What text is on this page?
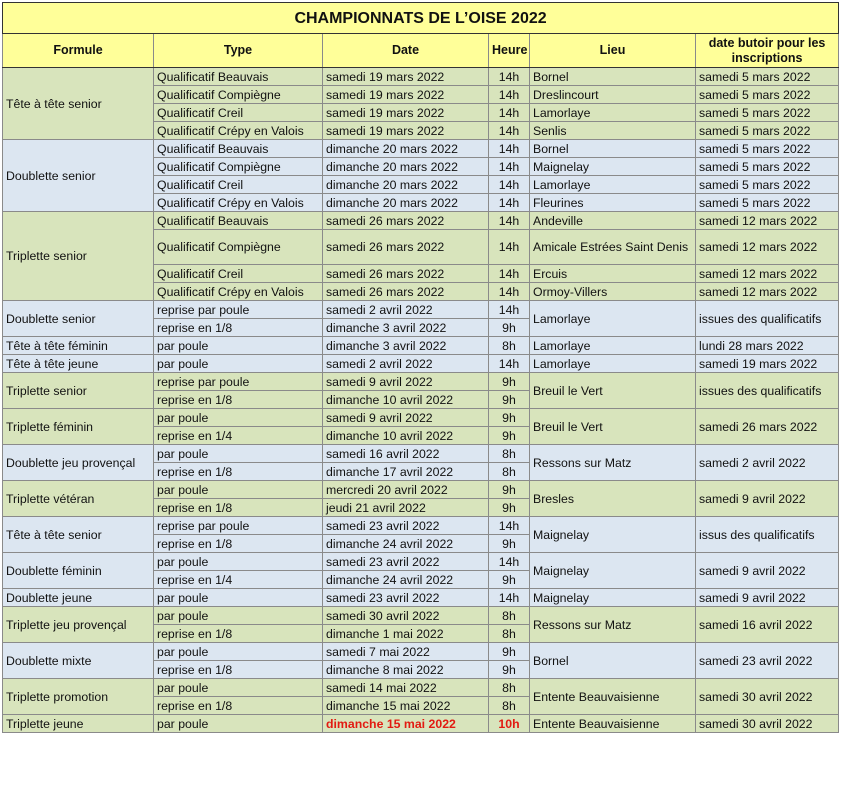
CHAMPIONNATS DE L’OISE 2022					
Formule	Type	Date	Heure	Lieu	date butoir pour les inscriptions
Tête à tête senior	Qualificatif Beauvais	samedi 19 mars 2022	14h	Bornel	samedi 5 mars 2022
	Qualificatif Compiègne	samedi 19 mars 2022	14h	Dreslincourt	samedi 5 mars 2022
	Qualificatif Creil	samedi 19 mars 2022	14h	Lamorlaye	samedi 5 mars 2022
	Qualificatif Crépy en Valois	samedi 19 mars 2022	14h	Senlis	samedi 5 mars 2022
Doublette senior	Qualificatif Beauvais	dimanche 20 mars 2022	14h	Bornel	samedi 5 mars 2022
	Qualificatif Compiègne	dimanche 20 mars 2022	14h	Maignelay	samedi 5 mars 2022
	Qualificatif Creil	dimanche 20 mars 2022	14h	Lamorlaye	samedi 5 mars 2022
	Qualificatif Crépy en Valois	dimanche 20 mars 2022	14h	Fleurines	samedi 5 mars 2022
Triplette senior	Qualificatif Beauvais	samedi 26 mars 2022	14h	Andeville	samedi 12 mars 2022
	Qualificatif Compiègne	samedi 26 mars 2022	14h	Amicale Estrées Saint Denis	samedi 12 mars 2022
	Qualificatif Creil	samedi 26 mars 2022	14h	Ercuis	samedi 12 mars 2022
	Qualificatif Crépy en Valois	samedi 26 mars 2022	14h	Ormoy-Villers	samedi 12 mars 2022
Doublette senior	reprise par poule	samedi 2 avril 2022	14h	Lamorlaye	issues des qualificatifs
	reprise en 1/8	dimanche 3 avril 2022	9h		
Tête à tête féminin	par poule	dimanche 3 avril 2022	8h	Lamorlaye	lundi 28 mars 2022
Tête à tête jeune	par poule	samedi 2 avril 2022	14h	Lamorlaye	samedi 19 mars 2022
Triplette senior	reprise par poule	samedi 9 avril 2022	9h	Breuil le Vert	issues des qualificatifs
	reprise en 1/8	dimanche 10 avril 2022	9h		
Triplette féminin	par poule	samedi 9 avril 2022	9h	Breuil le Vert	samedi 26 mars 2022
	reprise en 1/4	dimanche 10 avril 2022	9h		
Doublette jeu provençal	par poule	samedi 16 avril 2022	8h	Ressons sur Matz	samedi 2 avril 2022
	reprise en 1/8	dimanche 17 avril 2022	8h		
Triplette vétéran	par poule	mercredi 20 avril 2022	9h	Bresles	samedi 9 avril 2022
	reprise en 1/8	jeudi 21 avril 2022	9h		
Tête à tête senior	reprise par poule	samedi 23 avril 2022	14h	Maignelay	issus des qualificatifs
	reprise en 1/8	dimanche 24 avril 2022	9h		
Doublette féminin	par poule	samedi 23 avril 2022	14h	Maignelay	samedi 9 avril 2022
	reprise en 1/4	dimanche 24 avril 2022	9h		
Doublette jeune	par poule	samedi 23 avril 2022	14h	Maignelay	samedi 9 avril 2022
Triplette jeu provençal	par poule	samedi 30 avril 2022	8h	Ressons sur Matz	samedi 16 avril 2022
	reprise en 1/8	dimanche 1 mai 2022	8h		
Doublette mixte	par poule	samedi 7 mai 2022	9h	Bornel	samedi 23 avril 2022
	reprise en 1/8	dimanche 8 mai 2022	9h		
Triplette promotion	par poule	samedi 14 mai 2022	8h	Entente Beauvaisienne	samedi 30 avril 2022
	reprise en 1/8	dimanche 15 mai 2022	8h		
Triplette jeune	par poule	dimanche 15 mai 2022	10h	Entente Beauvaisienne	samedi 30 avril 2022
